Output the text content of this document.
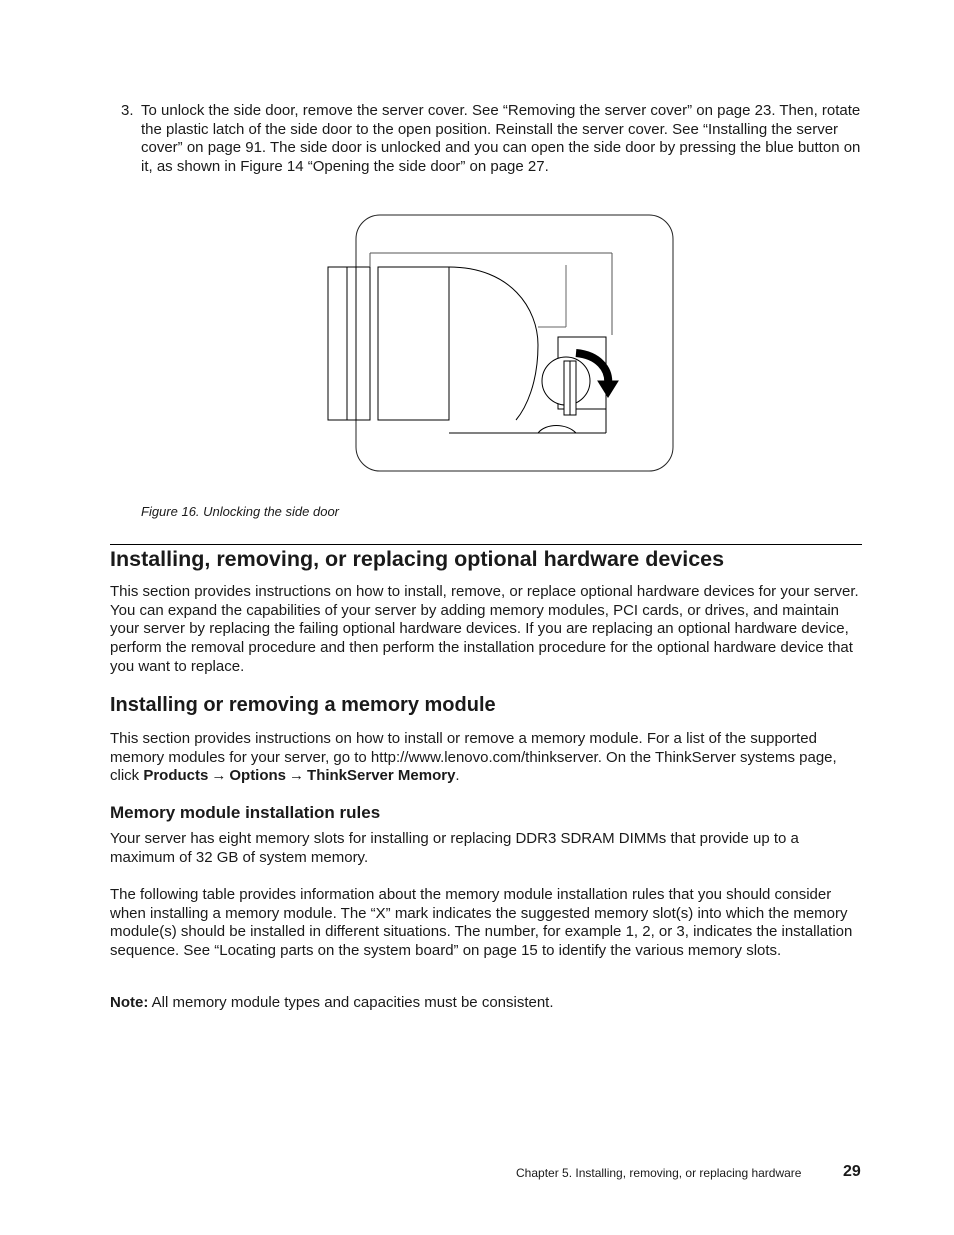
3. To unlock the side door, remove the server cover. See “Removing the server cover” on page 23. Then, rotate the plastic latch of the side door to the open position. Reinstall the server cover. See “Installing the server cover” on page 91. The side door is unlocked and you can open the side door by pressing the blue button on it, as shown in Figure 14 “Opening the side door” on page 27.
Figure 16. Unlocking the side door
Installing, removing, or replacing optional hardware devices
This section provides instructions on how to install, remove, or replace optional hardware devices for your server. You can expand the capabilities of your server by adding memory modules, PCI cards, or drives, and maintain your server by replacing the failing optional hardware devices. If you are replacing an optional hardware device, perform the removal procedure and then perform the installation procedure for the optional hardware device that you want to replace.
Installing or removing a memory module
This section provides instructions on how to install or remove a memory module. For a list of the supported memory modules for your server, go to http://www.lenovo.com/thinkserver. On the ThinkServer systems page, click Products → Options → ThinkServer Memory.
Memory module installation rules
Your server has eight memory slots for installing or replacing DDR3 SDRAM DIMMs that provide up to a maximum of 32 GB of system memory.
The following table provides information about the memory module installation rules that you should consider when installing a memory module. The “X” mark indicates the suggested memory slot(s) into which the memory module(s) should be installed in different situations. The number, for example 1, 2, or 3, indicates the installation sequence. See “Locating parts on the system board” on page 15 to identify the various memory slots.
Note: All memory module types and capacities must be consistent.
Chapter 5. Installing, removing, or replacing hardware	29
